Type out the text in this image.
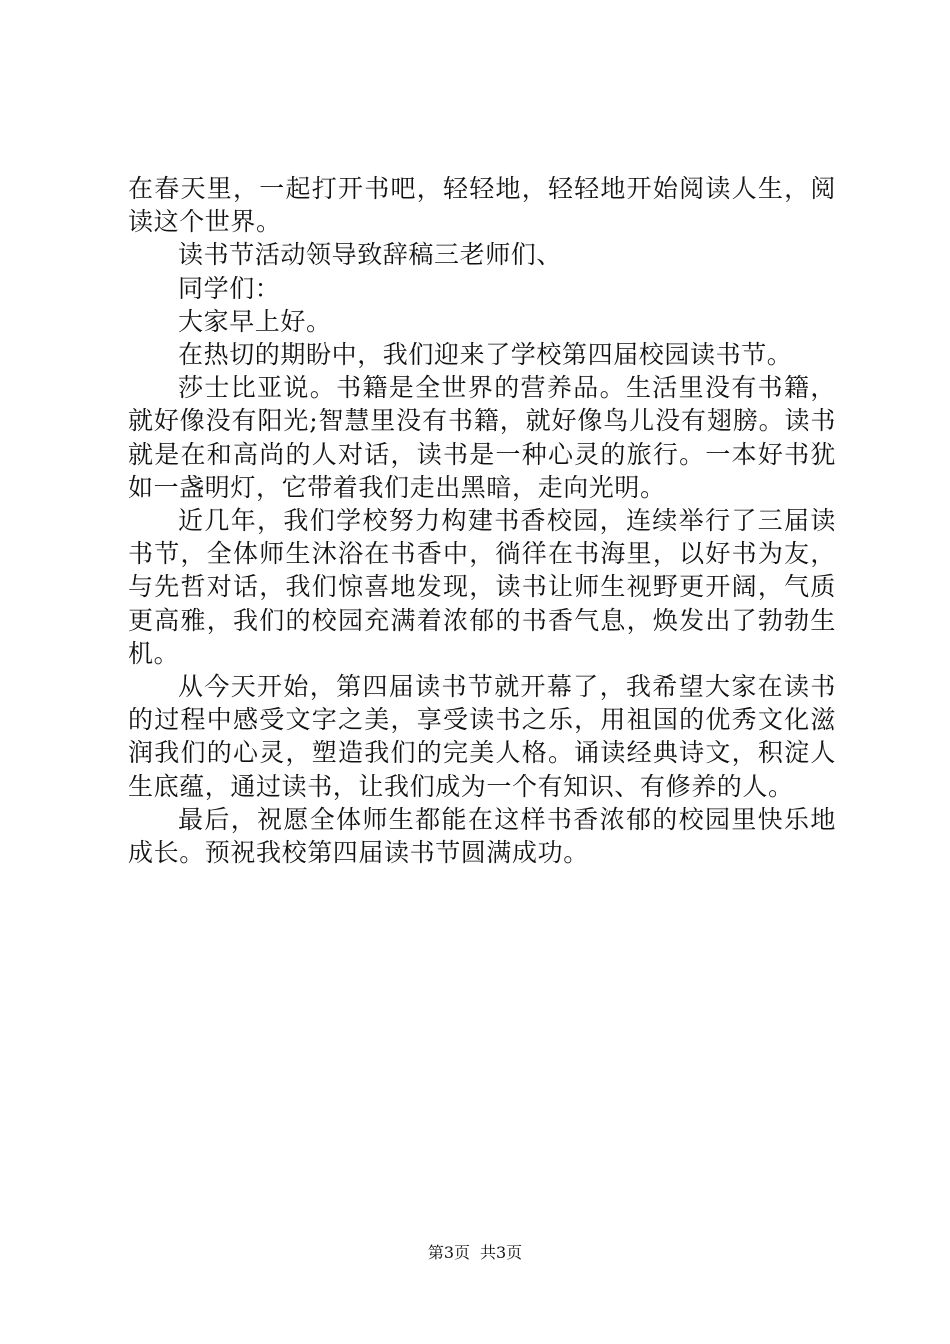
在春天里，一起打开书吧，轻轻地，轻轻地开始阅读人生，阅读这个世界。

读书节活动领导致辞稿三老师们、

同学们：

大家早上好。

在热切的期盼中，我们迎来了学校第四届校园读书节。

莎士比亚说。书籍是全世界的营养品。生活里没有书籍，就好像没有阳光;智慧里没有书籍，就好像鸟儿没有翅膀。读书就是在和高尚的人对话，读书是一种心灵的旅行。一本好书犹如一盏明灯，它带着我们走出黑暗，走向光明。

近几年，我们学校努力构建书香校园，连续举行了三届读书节，全体师生沐浴在书香中，徜徉在书海里，以好书为友，与先哲对话，我们惊喜地发现，读书让师生视野更开阔，气质更高雅，我们的校园充满着浓郁的书香气息，焕发出了勃勃生机。

从今天开始，第四届读书节就开幕了，我希望大家在读书的过程中感受文字之美，享受读书之乐，用祖国的优秀文化滋润我们的心灵，塑造我们的完美人格。诵读经典诗文，积淀人生底蕴，通过读书，让我们成为一个有知识、有修养的人。

最后，祝愿全体师生都能在这样书香浓郁的校园里快乐地成长。预祝我校第四届读书节圆满成功。

第3页 共3页
